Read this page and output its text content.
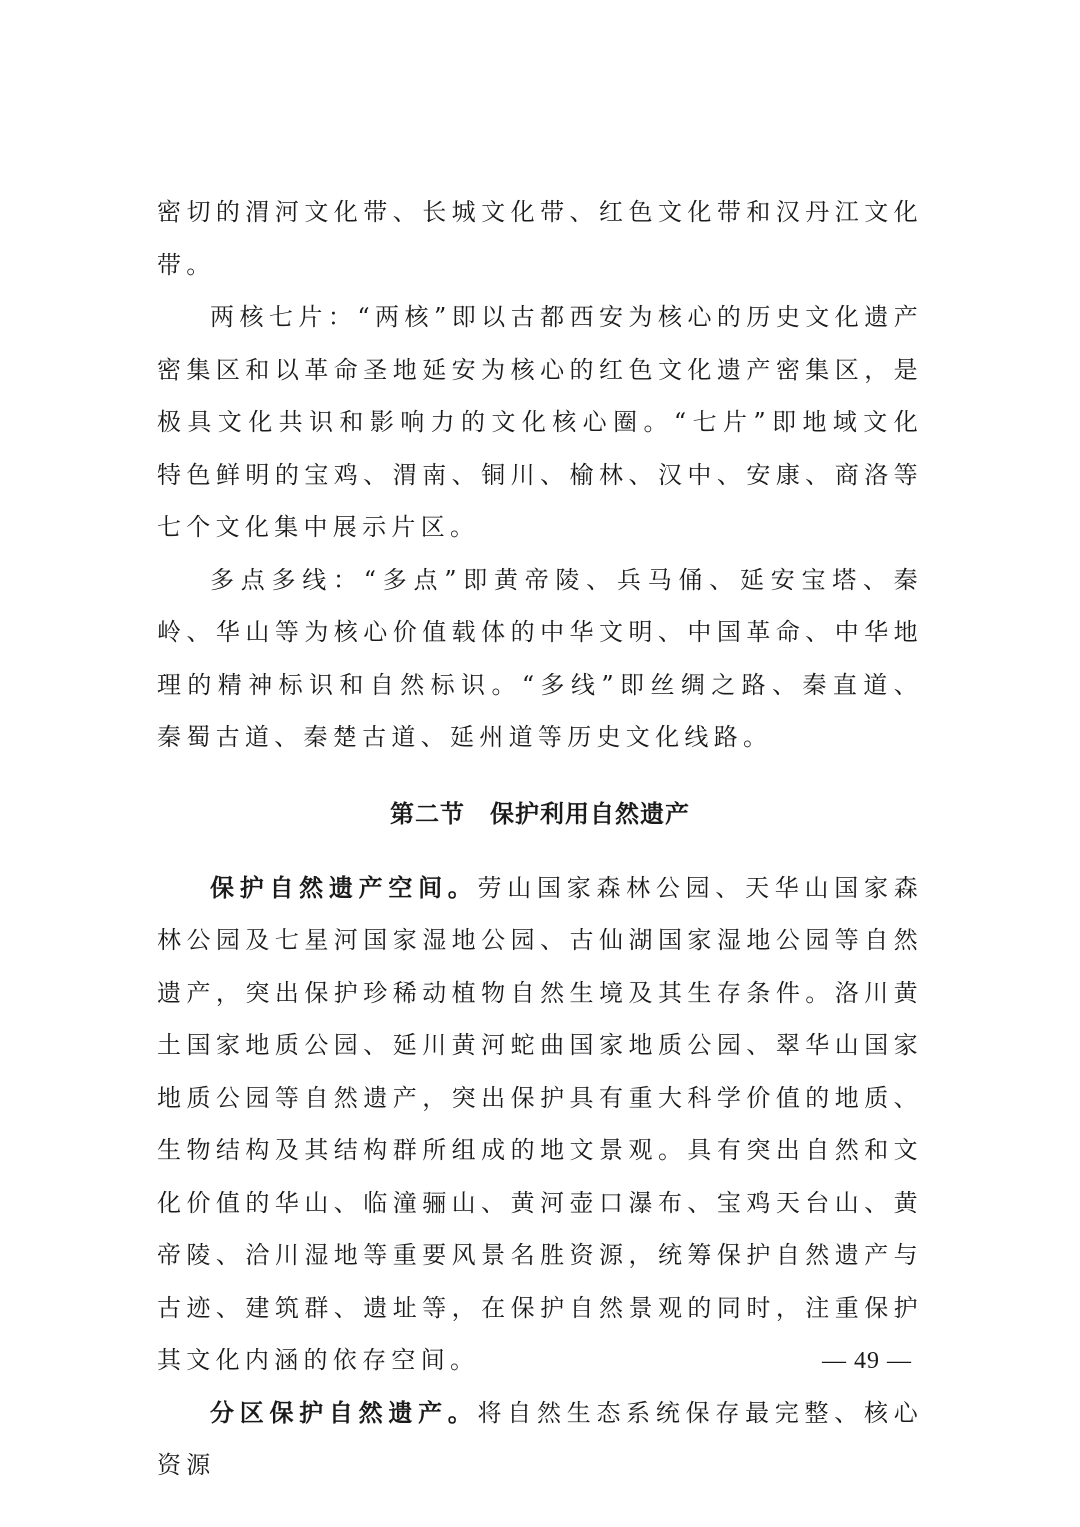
密切的渭河文化带、长城文化带、红色文化带和汉丹江文化带。

两核七片：“两核”即以古都西安为核心的历史文化遗产密集区和以革命圣地延安为核心的红色文化遗产密集区，是极具文化共识和影响力的文化核心圈。“七片”即地域文化特色鲜明的宝鸡、渭南、铜川、榆林、汉中、安康、商洛等七个文化集中展示片区。

多点多线：“多点”即黄帝陵、兵马俑、延安宝塔、秦岭、华山等为核心价值载体的中华文明、中国革命、中华地理的精神标识和自然标识。“多线”即丝绸之路、秦直道、秦蜀古道、秦楚古道、延州道等历史文化线路。

第二节　保护利用自然遗产

保护自然遗产空间。劳山国家森林公园、天华山国家森林公园及七星河国家湿地公园、古仙湖国家湿地公园等自然遗产，突出保护珍稀动植物自然生境及其生存条件。洛川黄土国家地质公园、延川黄河蛇曲国家地质公园、翠华山国家地质公园等自然遗产，突出保护具有重大科学价值的地质、生物结构及其结构群所组成的地文景观。具有突出自然和文化价值的华山、临潼骊山、黄河壶口瀑布、宝鸡天台山、黄帝陵、洽川湿地等重要风景名胜资源，统筹保护自然遗产与古迹、建筑群、遗址等，在保护自然景观的同时，注重保护其文化内涵的依存空间。

分区保护自然遗产。将自然生态系统保存最完整、核心资源

— 49 —
